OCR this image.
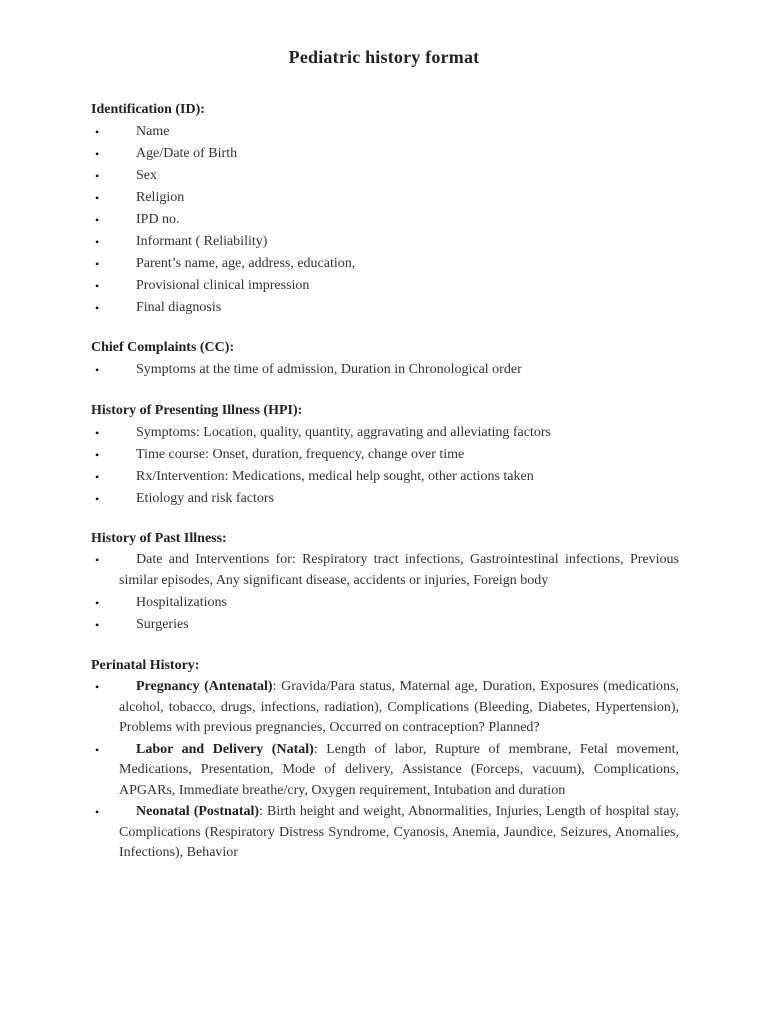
Pediatric history format
Identification (ID):
•	Name
•	Age/Date of Birth
•	Sex
•	Religion
•	IPD no.
•	Informant ( Reliability)
•	Parent’s name, age, address, education,
•	Provisional clinical impression
•	Final diagnosis
Chief Complaints (CC):
•	Symptoms at the time of admission, Duration in Chronological order
History of Presenting Illness (HPI):
•	Symptoms: Location, quality, quantity, aggravating and alleviating factors
•	Time course: Onset, duration, frequency, change over time
•	Rx/Intervention: Medications, medical help sought, other actions taken
•	Etiology and risk factors
History of Past Illness:
•	Date and Interventions for: Respiratory tract infections, Gastrointestinal infections, Previous similar episodes, Any significant disease, accidents or injuries, Foreign body
•	Hospitalizations
•	Surgeries
Perinatal History:
•	Pregnancy (Antenatal): Gravida/Para status, Maternal age, Duration, Exposures (medications, alcohol, tobacco, drugs, infections, radiation), Complications (Bleeding, Diabetes, Hypertension), Problems with previous pregnancies, Occurred on contraception? Planned?
•	Labor and Delivery (Natal): Length of labor, Rupture of membrane, Fetal movement, Medications, Presentation, Mode of delivery, Assistance (Forceps, vacuum), Complications, APGARs, Immediate breathe/cry, Oxygen requirement, Intubation and duration
•	Neonatal (Postnatal): Birth height and weight, Abnormalities, Injuries, Length of hospital stay, Complications (Respiratory Distress Syndrome, Cyanosis, Anemia, Jaundice, Seizures, Anomalies, Infections), Behavior
